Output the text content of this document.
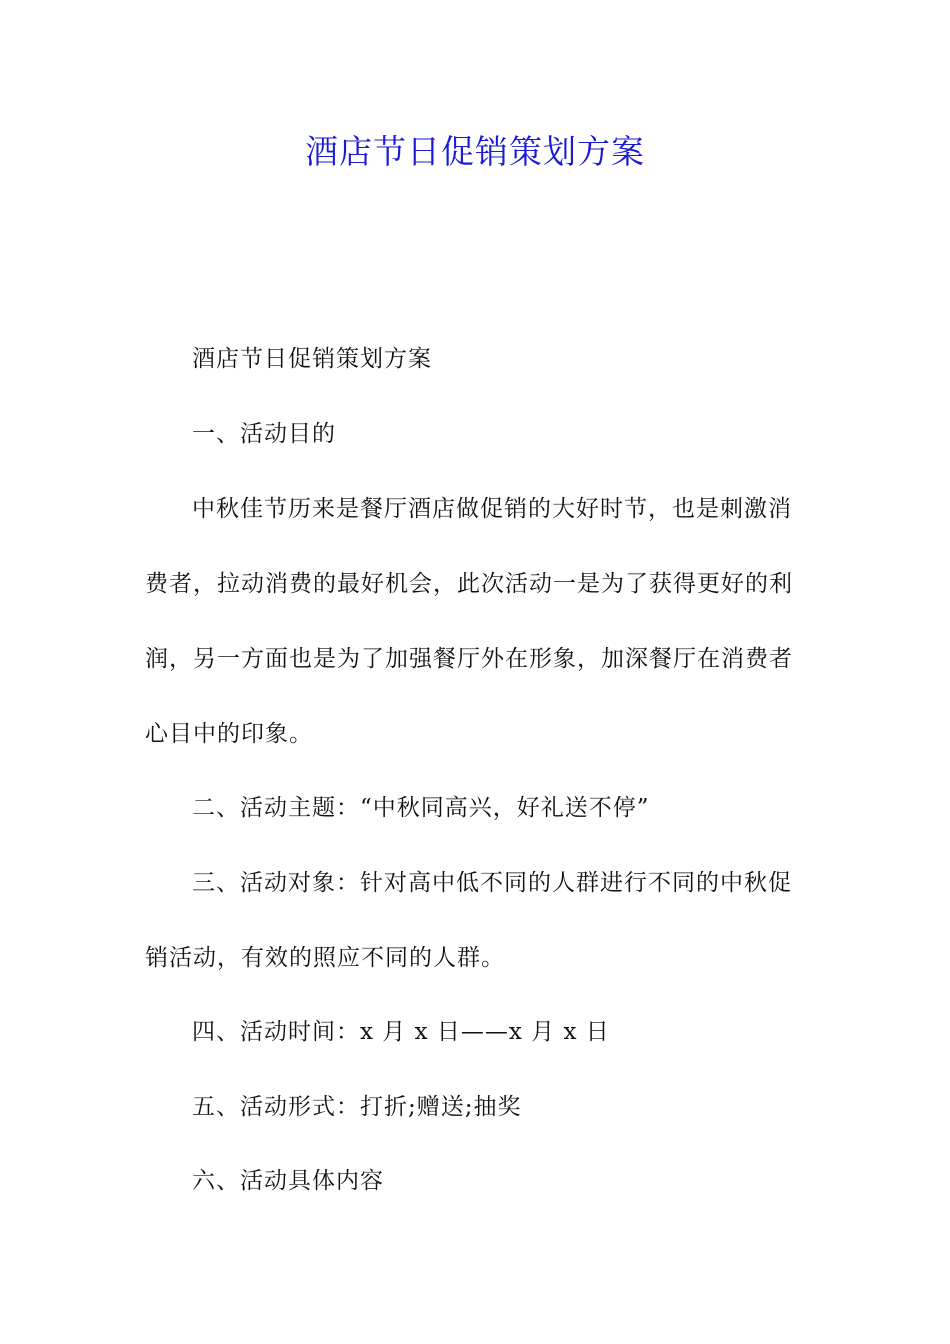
酒店节日促销策划方案

酒店节日促销策划方案

一、活动目的

中秋佳节历来是餐厅酒店做促销的大好时节，也是刺激消费者，拉动消费的最好机会，此次活动一是为了获得更好的利润，另一方面也是为了加强餐厅外在形象，加深餐厅在消费者心目中的印象。

二、活动主题：“中秋同高兴，好礼送不停”

三、活动对象：针对高中低不同的人群进行不同的中秋促销活动，有效的照应不同的人群。

四、活动时间：x 月 x 日——x 月 x 日

五、活动形式：打折;赠送;抽奖

六、活动具体内容
